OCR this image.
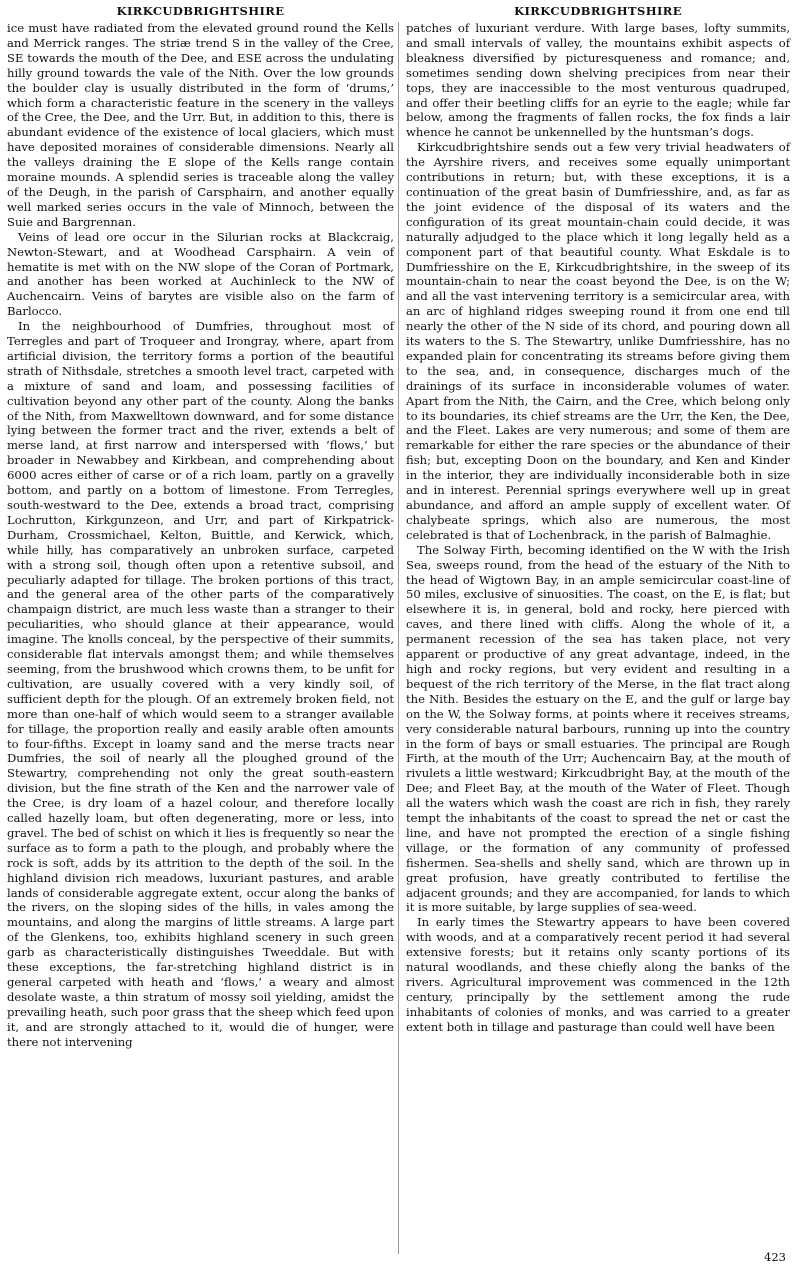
KIRKCUDBRIGHTSHIRE

ice must have radiated from the elevated ground round the Kells and Merrick ranges. The striæ trend S in the valley of the Cree, SE towards the mouth of the Dee, and ESE across the undulating hilly ground towards the vale of the Nith. Over the low grounds the boulder clay is usually distributed in the form of ‘drums,’ which form a characteristic feature in the scenery in the valleys of the Cree, the Dee, and the Urr. But, in addition to this, there is abundant evidence of the existence of local glaciers, which must have deposited moraines of considerable dimensions. Nearly all the valleys draining the E slope of the Kells range contain moraine mounds. A splendid series is traceable along the valley of the Deugh, in the parish of Carsphairn, and another equally well marked series occurs in the vale of Minnoch, between the Suie and Bargrennan.

Veins of lead ore occur in the Silurian rocks at Blackcraig, Newton-Stewart, and at Woodhead Carsphairn. A vein of hematite is met with on the NW slope of the Coran of Portmark, and another has been worked at Auchinleck to the NW of Auchencairn. Veins of barytes are visible also on the farm of Barlocco.

In the neighbourhood of Dumfries, throughout most of Terregles and part of Troqueer and Irongray, where, apart from artificial division, the territory forms a portion of the beautiful strath of Nithsdale, stretches a smooth level tract, carpeted with a mixture of sand and loam, and possessing facilities of cultivation beyond any other part of the county. Along the banks of the Nith, from Maxwelltown downward, and for some distance lying between the former tract and the river, extends a belt of merse land, at first narrow and interspersed with ‘flows,’ but broader in Newabbey and Kirkbean, and comprehending about 6000 acres either of carse or of a rich loam, partly on a gravelly bottom, and partly on a bottom of limestone. From Terregles, south-westward to the Dee, extends a broad tract, comprising Lochrutton, Kirkgunzeon, and Urr, and part of Kirkpatrick-Durham, Crossmichael, Kelton, Buittle, and Kerwick, which, while hilly, has comparatively an unbroken surface, carpeted with a strong soil, though often upon a retentive subsoil, and peculiarly adapted for tillage. The broken portions of this tract, and the general area of the other parts of the comparatively champaign district, are much less waste than a stranger to their peculiarities, who should glance at their appearance, would imagine. The knolls conceal, by the perspective of their summits, considerable flat intervals amongst them; and while themselves seeming, from the brushwood which crowns them, to be unfit for cultivation, are usually covered with a very kindly soil, of sufficient depth for the plough. Of an extremely broken field, not more than one-half of which would seem to a stranger available for tillage, the proportion really and easily arable often amounts to four-fifths. Except in loamy sand and the merse tracts near Dumfries, the soil of nearly all the ploughed ground of the Stewartry, comprehending not only the great south-eastern division, but the fine strath of the Ken and the narrower vale of the Cree, is dry loam of a hazel colour, and therefore locally called hazelly loam, but often degenerating, more or less, into gravel. The bed of schist on which it lies is frequently so near the surface as to form a path to the plough, and probably where the rock is soft, adds by its attrition to the depth of the soil. In the highland division rich meadows, luxuriant pastures, and arable lands of considerable aggregate extent, occur along the banks of the rivers, on the sloping sides of the hills, in vales among the mountains, and along the margins of little streams. A large part of the Glenkens, too, exhibits highland scenery in such green garb as characteristically distinguishes Tweeddale. But with these exceptions, the far-stretching highland district is in general carpeted with heath and ‘flows,’ a weary and almost desolate waste, a thin stratum of mossy soil yielding, amidst the prevailing heath, such poor grass that the sheep which feed upon it, and are strongly attached to it, would die of hunger, were there not intervening

KIRKCUDBRIGHTSHIRE

patches of luxuriant verdure. With large bases, lofty summits, and small intervals of valley, the mountains exhibit aspects of bleakness diversified by picturesqueness and romance; and, sometimes sending down shelving precipices from near their tops, they are inaccessible to the most venturous quadruped, and offer their beetling cliffs for an eyrie to the eagle; while far below, among the fragments of fallen rocks, the fox finds a lair whence he cannot be unkennelled by the huntsman’s dogs.

Kirkcudbrightshire sends out a few very trivial headwaters of the Ayrshire rivers, and receives some equally unimportant contributions in return; but, with these exceptions, it is a continuation of the great basin of Dumfriesshire, and, as far as the joint evidence of the disposal of its waters and the configuration of its great mountain-chain could decide, it was naturally adjudged to the place which it long legally held as a component part of that beautiful county. What Eskdale is to Dumfriesshire on the E, Kirkcudbrightshire, in the sweep of its mountain-chain to near the coast beyond the Dee, is on the W; and all the vast intervening territory is a semicircular area, with an arc of highland ridges sweeping round it from one end till nearly the other of the N side of its chord, and pouring down all its waters to the S. The Stewartry, unlike Dumfriesshire, has no expanded plain for concentrating its streams before giving them to the sea, and, in consequence, discharges much of the drainings of its surface in inconsiderable volumes of water. Apart from the Nith, the Cairn, and the Cree, which belong only to its boundaries, its chief streams are the Urr, the Ken, the Dee, and the Fleet. Lakes are very numerous; and some of them are remarkable for either the rare species or the abundance of their fish; but, excepting Doon on the boundary, and Ken and Kinder in the interior, they are individually inconsiderable both in size and in interest. Perennial springs everywhere well up in great abundance, and afford an ample supply of excellent water. Of chalybeate springs, which also are numerous, the most celebrated is that of Lochenbrack, in the parish of Balmaghie.

The Solway Firth, becoming identified on the W with the Irish Sea, sweeps round, from the head of the estuary of the Nith to the head of Wigtown Bay, in an ample semicircular coast-line of 50 miles, exclusive of sinuosities. The coast, on the E, is flat; but elsewhere it is, in general, bold and rocky, here pierced with caves, and there lined with cliffs. Along the whole of it, a permanent recession of the sea has taken place, not very apparent or productive of any great advantage, indeed, in the high and rocky regions, but very evident and resulting in a bequest of the rich territory of the Merse, in the flat tract along the Nith. Besides the estuary on the E, and the gulf or large bay on the W, the Solway forms, at points where it receives streams, very considerable natural barbours, running up into the country in the form of bays or small estuaries. The principal are Rough Firth, at the mouth of the Urr; Auchencairn Bay, at the mouth of rivulets a little westward; Kirkcudbright Bay, at the mouth of the Dee; and Fleet Bay, at the mouth of the Water of Fleet. Though all the waters which wash the coast are rich in fish, they rarely tempt the inhabitants of the coast to spread the net or cast the line, and have not prompted the erection of a single fishing village, or the formation of any community of professed fishermen. Sea-shells and shelly sand, which are thrown up in great profusion, have greatly contributed to fertilise the adjacent grounds; and they are accompanied, for lands to which it is more suitable, by large supplies of sea-weed.

In early times the Stewartry appears to have been covered with woods, and at a comparatively recent period it had several extensive forests; but it retains only scanty portions of its natural woodlands, and these chiefly along the banks of the rivers. Agricultural improvement was commenced in the 12th century, principally by the settlement among the rude inhabitants of colonies of monks, and was carried to a greater extent both in tillage and pasturage than could well have been

423
